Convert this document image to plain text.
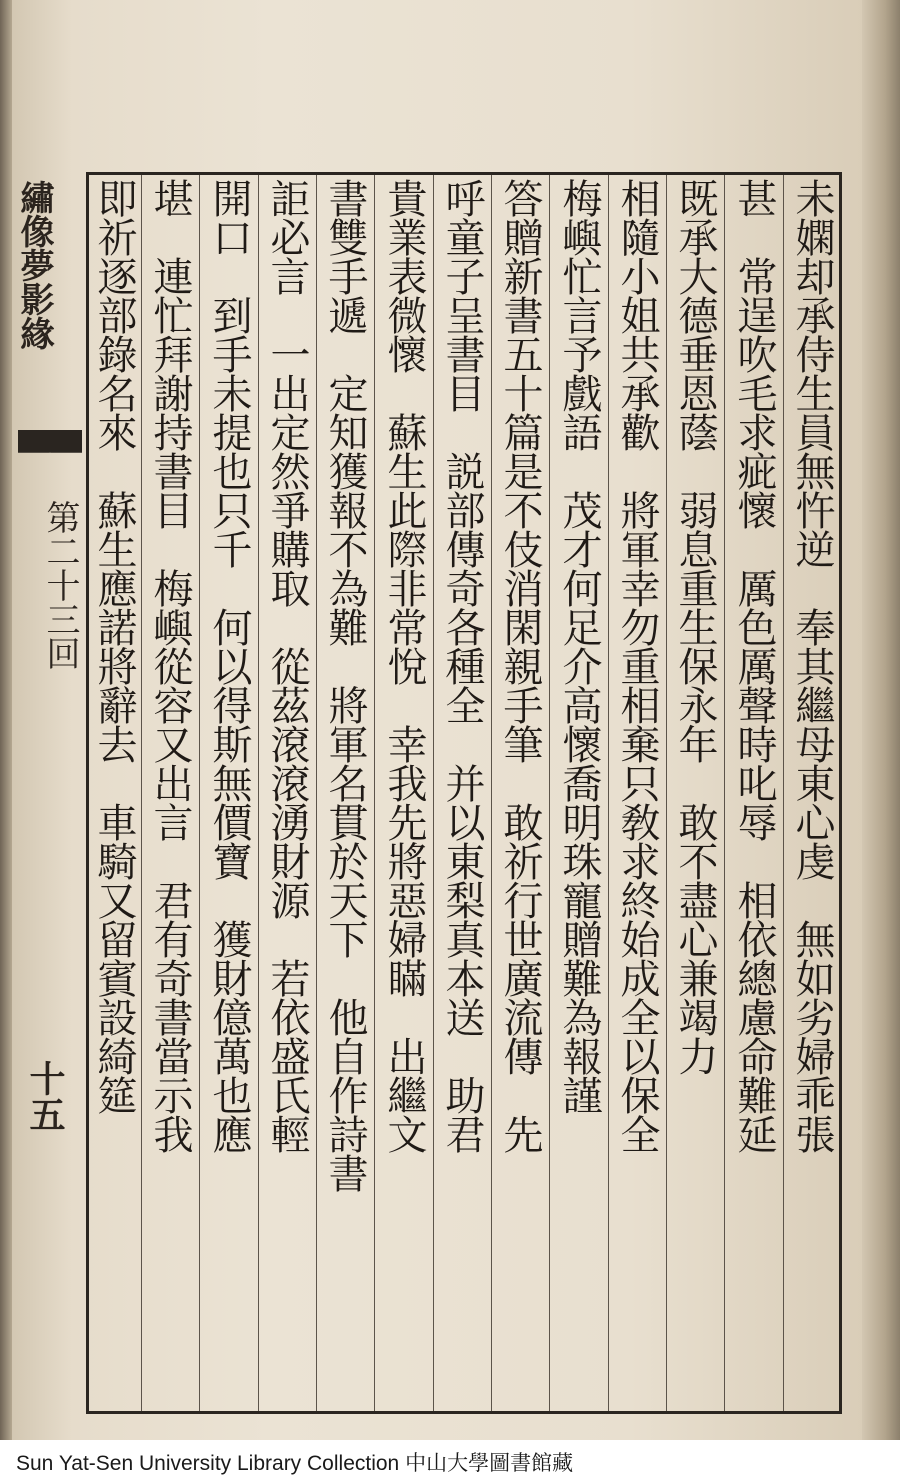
繡像夢影緣
第二十三回
十五	未嫻却承侍生員無忤逆　奉其繼母東心虔　無如劣婦乖張
甚　常逞吹毛求疵懷　厲色厲聲時叱辱　相依總慮命難延
既承大德垂恩蔭　弱息重生保永年　敢不盡心兼竭力
相隨小姐共承歡　將軍幸勿重相棄只敎求終始成全以保全
梅嶼忙言予戲語　茂才何足介高懷喬明珠寵贈難為報謹
答贈新書五十篇是不伎消閑親手筆　敢祈行世廣流傳　先
呼童子呈書目　説部傳奇各種全　并以東梨真本送　助君
貴業表微懷　蘇生此際非常悅　幸我先將惡婦瞞　出繼文
書雙手遞　定知獲報不為難　將軍名貫於天下　他自作詩書
詎必言　一出定然爭購取　從茲滾滾湧財源　若依盛氏輕
開口　到手未提也只千　何以得斯無價寶　獲財億萬也應
堪　連忙拜謝持書目　梅嶼從容又出言　君有奇書當示我
即祈逐部錄名來　蘇生應諾將辭去　車騎又留賓設綺筵
Sun Yat-Sen University Library Collection 中山大學圖書館藏
